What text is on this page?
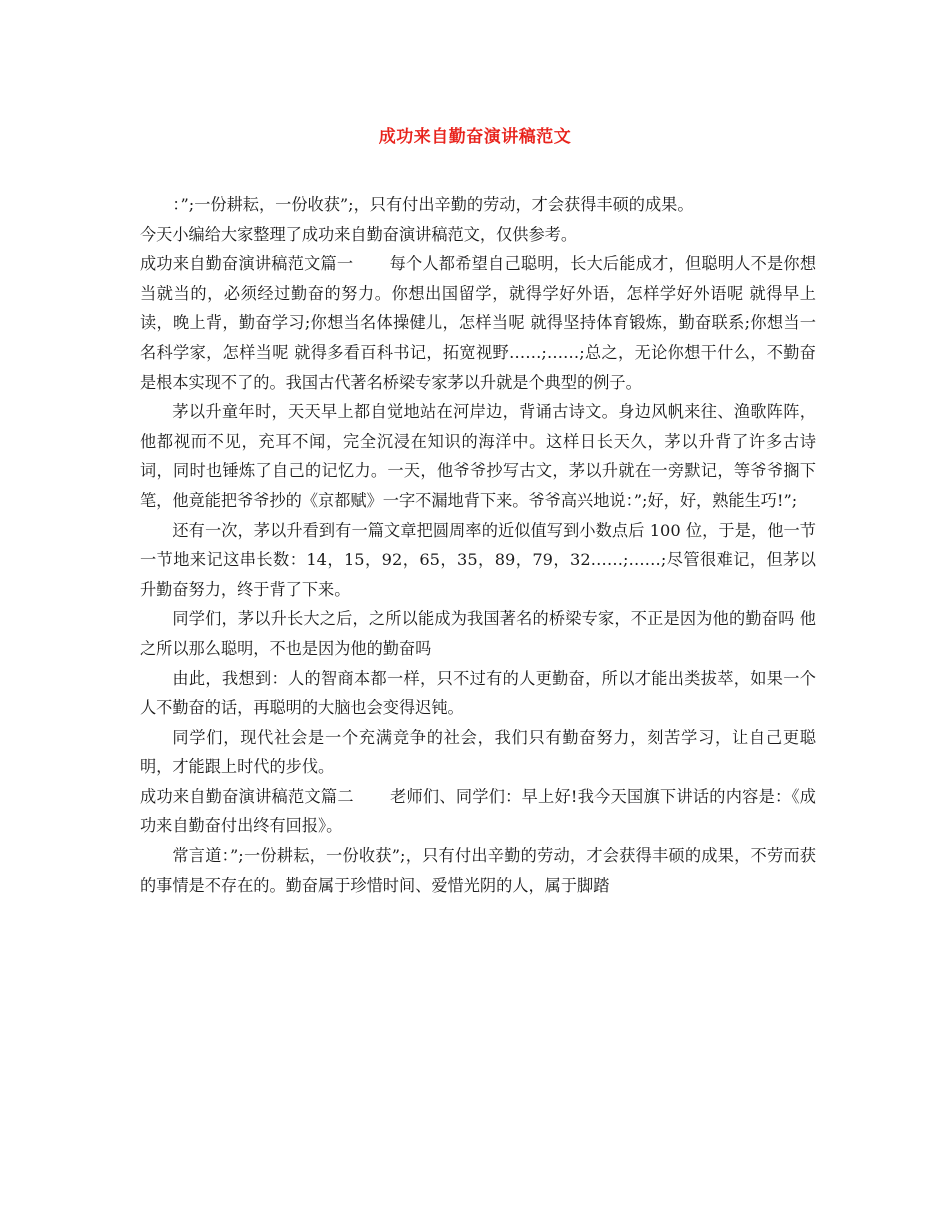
成功来自勤奋演讲稿范文

：”;一份耕耘，一份收获”;，只有付出辛勤的劳动，才会获得丰硕的成果。

今天小编给大家整理了成功来自勤奋演讲稿范文，仅供参考。

成功来自勤奋演讲稿范文篇一 每个人都希望自己聪明，长大后能成才，但聪明人不是你想当就当的，必须经过勤奋的努力。你想出国留学，就得学好外语，怎样学好外语呢 就得早上读，晚上背，勤奋学习;你想当名体操健儿，怎样当呢 就得坚持体育锻炼，勤奋联系;你想当一名科学家，怎样当呢 就得多看百科书记，拓宽视野……;……;总之，无论你想干什么，不勤奋是根本实现不了的。我国古代著名桥梁专家茅以升就是个典型的例子。

茅以升童年时，天天早上都自觉地站在河岸边，背诵古诗文。身边风帆来往、渔歌阵阵，他都视而不见，充耳不闻，完全沉浸在知识的海洋中。这样日长天久，茅以升背了许多古诗词，同时也锤炼了自己的记忆力。一天，他爷爷抄写古文，茅以升就在一旁默记，等爷爷搁下笔，他竟能把爷爷抄的《京都赋》一字不漏地背下来。爷爷高兴地说：”;好，好，熟能生巧!”;

还有一次，茅以升看到有一篇文章把圆周率的近似值写到小数点后 100 位，于是，他一节一节地来记这串长数：14，15，92，65，35，89，79，32……;……;尽管很难记，但茅以升勤奋努力，终于背了下来。

同学们，茅以升长大之后，之所以能成为我国著名的桥梁专家，不正是因为他的勤奋吗 他之所以那么聪明，不也是因为他的勤奋吗

由此，我想到：人的智商本都一样，只不过有的人更勤奋，所以才能出类拔萃，如果一个人不勤奋的话，再聪明的大脑也会变得迟钝。

同学们，现代社会是一个充满竞争的社会，我们只有勤奋努力，刻苦学习，让自己更聪明，才能跟上时代的步伐。

成功来自勤奋演讲稿范文篇二 老师们、同学们：早上好!我今天国旗下讲话的内容是：《成功来自勤奋付出终有回报》。

常言道：”;一份耕耘，一份收获”;，只有付出辛勤的劳动，才会获得丰硕的成果，不劳而获的事情是不存在的。勤奋属于珍惜时间、爱惜光阴的人，属于脚踏
